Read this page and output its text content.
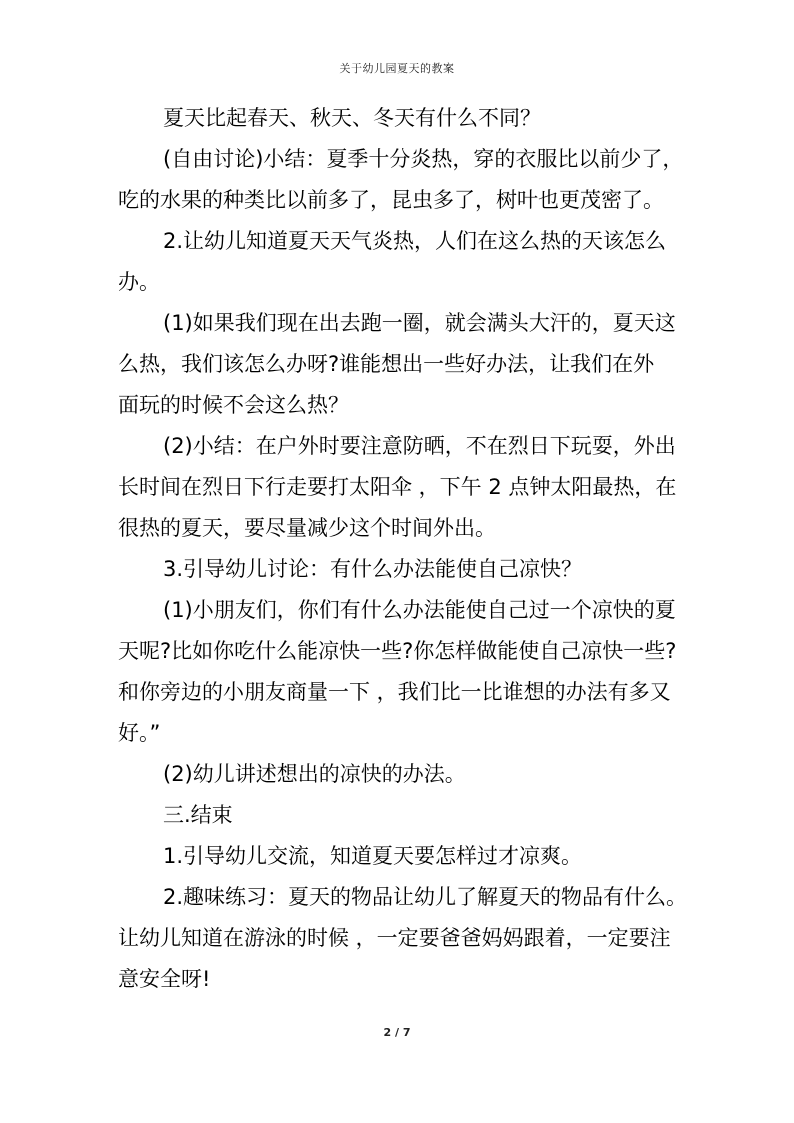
关于幼儿园夏天的教案
夏天比起春天、秋天、冬天有什么不同？
(自由讨论)小结：夏季十分炎热，穿的衣服比以前少了，
吃的水果的种类比以前多了，昆虫多了，树叶也更茂密了。
2.让幼儿知道夏天天气炎热，人们在这么热的天该怎么
办。
(1)如果我们现在出去跑一圈，就会满头大汗的，夏天这
么热，我们该怎么办呀?谁能想出一些好办法，让我们在外
面玩的时候不会这么热？
(2)小结：在户外时要注意防晒，不在烈日下玩耍，外出
长时间在烈日下行走要打太阳伞 ，下午 2 点钟太阳最热，在
很热的夏天，要尽量减少这个时间外出。
3.引导幼儿讨论：有什么办法能使自己凉快？
(1)小朋友们，你们有什么办法能使自己过一个凉快的夏
天呢?比如你吃什么能凉快一些?你怎样做能使自己凉快一些?
和你旁边的小朋友商量一下 ，我们比一比谁想的办法有多又
好。”
(2)幼儿讲述想出的凉快的办法。
三.结束
1.引导幼儿交流，知道夏天要怎样过才凉爽。
2.趣味练习：夏天的物品让幼儿了解夏天的物品有什么。
让幼儿知道在游泳的时候 ，一定要爸爸妈妈跟着，一定要注
意安全呀!
2 / 7
